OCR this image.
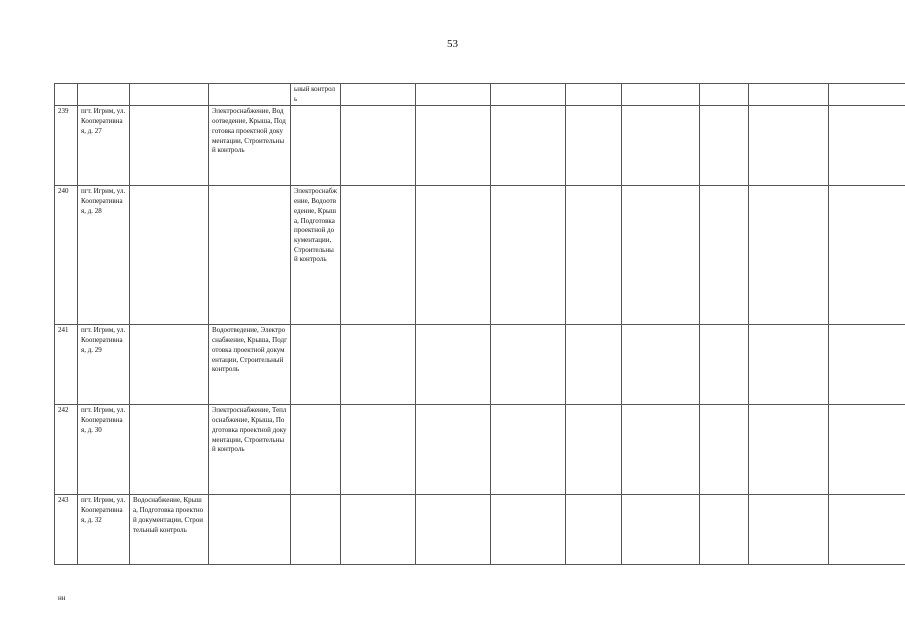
53
				ьный контроль								
239	пгт. Игрим, ул. Кооперативная, д. 27		Электроснабжение, Водоотведение, Крыша, Подготовка проектной документации, Строительный контроль									
240	пгт. Игрим, ул. Кооперативная, д. 28			Электроснабжение, Водоотведение, Крыша, Подготовка проектной документации, Строительный контроль								
241	пгт. Игрим, ул. Кооперативная, д. 29		Водоотведение, Электроснабжение, Крыша, Подготовка проектной документации, Строительный контроль									
242	пгт. Игрим, ул. Кооперативная, д. 30		Электроснабжение, Теплоснабжение, Крыша, Подготовка проектной документации, Строительный контроль									
243	пгт. Игрим, ул. Кооперативная, д. 32	Водоснабжение, Крыша, Подготовка проектной документации, Строительный контроль										
нн
